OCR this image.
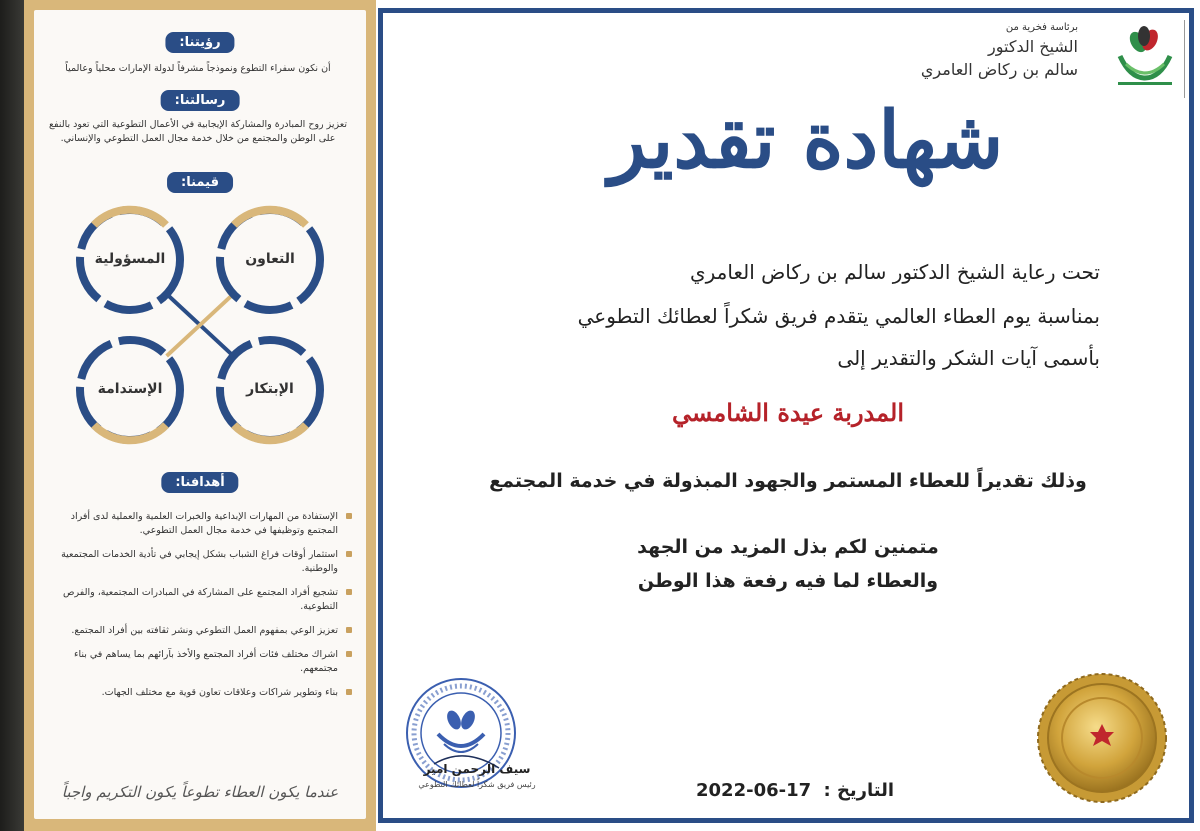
رؤيتنا:
أن نكون سفراء التطوع ونموذجاً مشرفاً لدولة الإمارات محلياً وعالمياً
رسالتنا:
تعزيز روح المبادرة والمشاركة الإيجابية في الأعمال التطوعية التي تعود بالنفع على الوطن والمجتمع من خلال خدمة مجال العمل التطوعي والإنساني.
قيمنا:
التعاون
المسؤولية
الإبتكار
الإستدامة
أهدافنا:
الإستفادة من المهارات الإبداعية والخبرات العلمية والعملية لدى أفراد المجتمع وتوظيفها في خدمة مجال العمل التطوعي.
استثمار أوقات فراغ الشباب بشكل إيجابي في تأدية الخدمات المجتمعية والوطنية.
تشجيع أفراد المجتمع على المشاركة في المبادرات المجتمعية، والفرص التطوعية.
تعزيز الوعي بمفهوم العمل التطوعي ونشر ثقافته بين أفراد المجتمع.
اشراك مختلف فئات أفراد المجتمع والأخذ بآرائهم بما يساهم في بناء مجتمعهم.
بناء وتطوير شراكات وعلاقات تعاون قوية مع مختلف الجهات.
عندما يكون العطاء تطوعاً يكون التكريم واجباً
برئاسة فخرية من
الشيخ الدكتور
سالم بن ركاض العامري
شهادة تقدير
تحت رعاية الشيخ الدكتور سالم بن ركاض العامري
بمناسبة يوم العطاء العالمي يتقدم فريق شكراً لعطائك التطوعي
بأسمى آيات الشكر والتقدير إلى
المدربة عيدة الشامسي
وذلك تقديراً للعطاء المستمر والجهود المبذولة في خدمة المجتمع
متمنين لكم بذل المزيد من الجهد
والعطاء لما فيه رفعة هذا الوطن
سيف الرحمن امير
رئيس فريق شكراً لعطائك التطوعي	التاريخ : 17-06-2022
